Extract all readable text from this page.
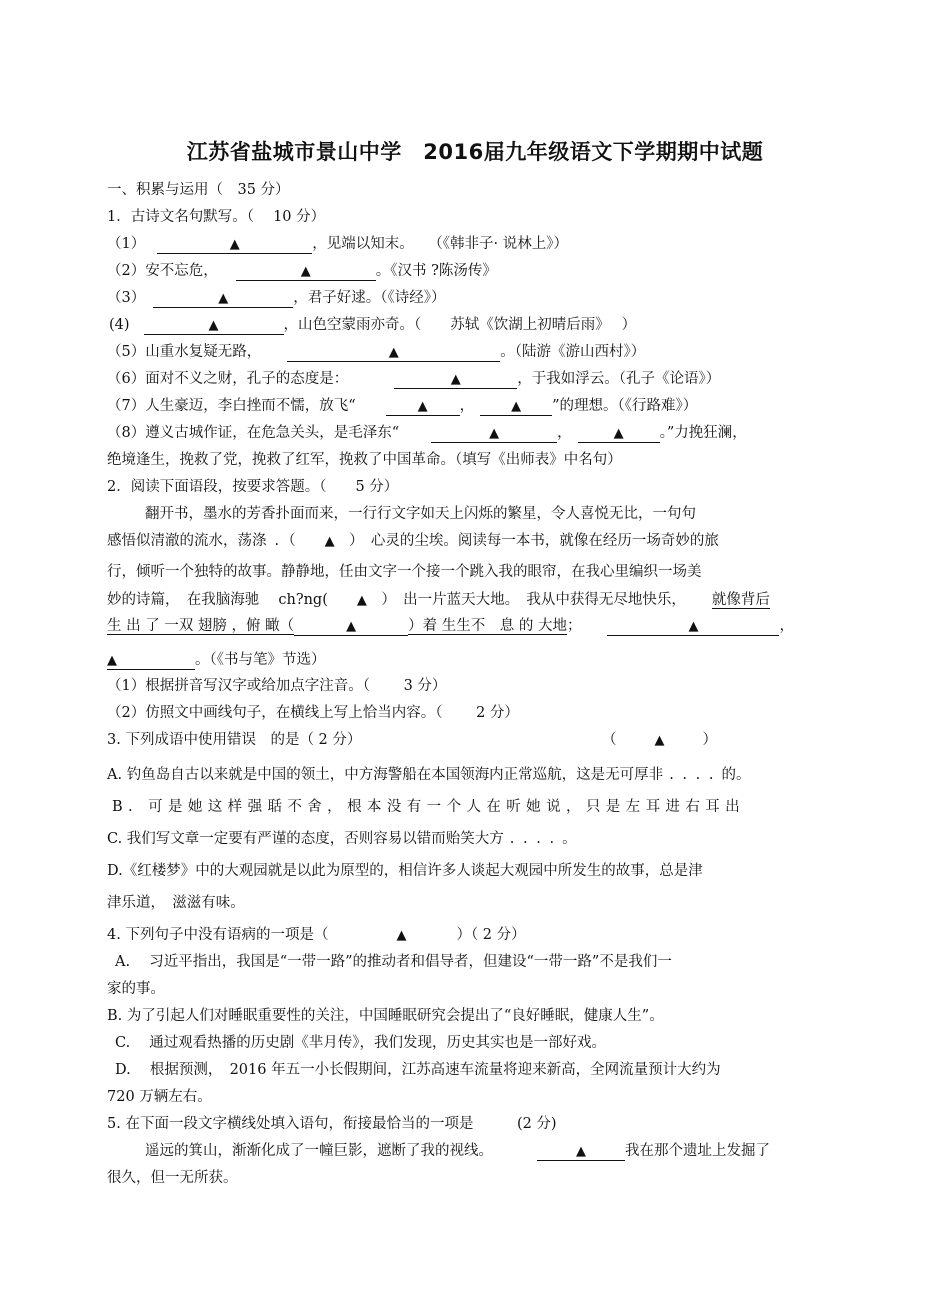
江苏省盐城市景山中学　2016届九年级语文下学期期中试题
一、积累与运用（　35 分）
1．古诗文名句默写。（　 10 分）
（1）	▲	，见端以知末。　　（《韩非子· 说林上》）
（2）安不忘危，	▲	。《汉书 ?陈汤传》
（3）	▲	，君子好逑。（《诗经》）
(4)	▲	，山色空蒙雨亦奇。（　　苏轼《饮湖上初晴后雨》　 ）
（5）山重水复疑无路，	▲	。（陆游《游山西村》）
（6）面对不义之财，孔子的态度是：	▲	，于我如浮云。（孔子《论语》）
（7）人生豪迈，李白挫而不懦，放飞“	▲ ，	▲ ”的理想。（《行路难》）
（8）遵义古城作证，在危急关头，是毛泽东“	▲	，	▲ 。”力挽狂澜，
绝境逢生，挽救了党，挽救了红军，挽救了中国革命。（填写《出师表》中名句）
2．阅读下面语段，按要求答题。（　　5 分）
翻开书，墨水的芳香扑面而来，一行行文字如天上闪烁的繁星，令人喜悦无比，一句句
感悟似清澈的流水，荡涤 .（　　▲　）　心灵的尘埃。阅读每一本书，就像在经历一场奇妙的旅
行，倾听一个独特的故事。静静地，任由文字一个接一个跳入我的眼帘，在我心里编织一场美
妙的诗篇，　在我脑海驰　 ch?ng(　　▲　）　出一片蓝天大地。　我从中获得无尽地快乐， 就像背后
生 出 了 一双 翅膀 ，俯 瞰（	▲	）着 生生不　息 的 大地；	▲	，
▲	。（《书与笔》节选）
（1）根据拼音写汉字或给加点字注音。（　　 3 分）
（2）仿照文中画线句子，在横线上写上恰当内容。（　　 2 分）
3. 下列成语中使用错误　的是（ 2 分）	（	▲	）
A. 钓鱼岛自古以来就是中国的领土，中方海警船在本国领海内正常巡航，这是无可厚非 . . . . 的。
B. 可是她这样强聒不舍，根本没有一个人在听她说，只是左耳进右耳出
C. 我们写文章一定要有严谨的态度，否则容易以错而贻笑大方 . . . . 。
D.《红楼梦》中的大观园就是以此为原型的，相信许多人谈起大观园中所发生的故事，总是津
津乐道，　滋滋有味。
4. 下列句子中没有语病的一项是（	▲	）（ 2 分）
A.　 习近平指出，我国是“一带一路”的推动者和倡导者，但建设“一带一路”不是我们一
家的事。
B. 为了引起人们对睡眠重要性的关注，中国睡眠研究会提出了“良好睡眠，健康人生”。
C.　 通过观看热播的历史剧《芈月传》，我们发现，历史其实也是一部好戏。
D.　 根据预测，　2016 年五一小长假期间，江苏高速车流量将迎来新高，全网流量预计大约为
720 万辆左右。
5. 在下面一段文字横线处填入语句，衔接最恰当的一项是　　　(2 分)
遥远的箕山，渐渐化成了一幢巨影，遮断了我的视线。	▲	我在那个遗址上发掘了
很久，但一无所获。
